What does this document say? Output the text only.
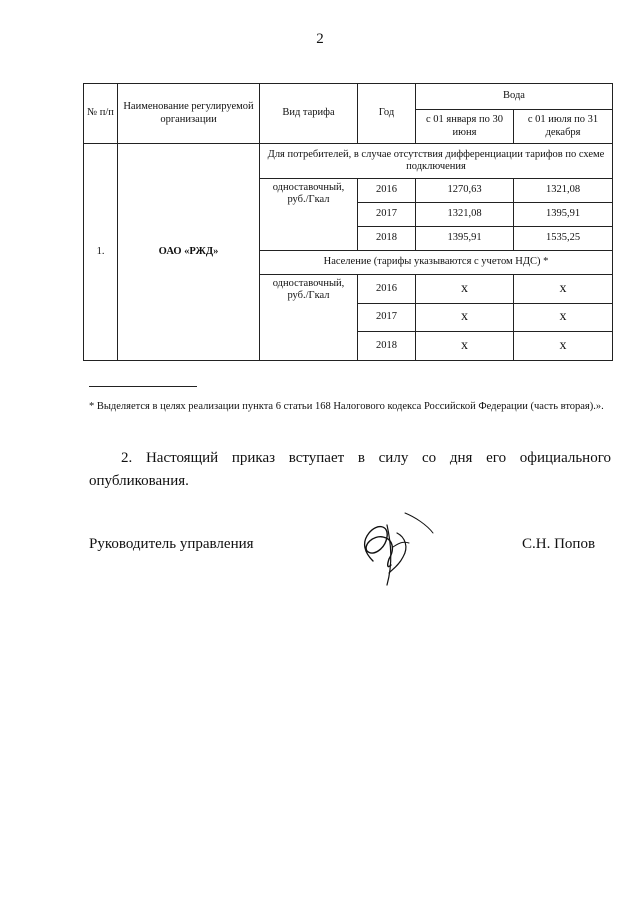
2
№ п/п	Наименование регулируемой организации	Вид тарифа	Год	Вода	
				с 01 января по 30 июня	с 01 июля по 31 декабря
1.	ОАО «РЖД»	Для потребителей, в случае отсутствия дифференциации тарифов по схеме подключения			
		одноставочный, руб./Гкал	2016	1270,63	1321,08
			2017	1321,08	1395,91
			2018	1395,91	1535,25
		Население (тарифы указываются с учетом НДС) *			
		одноставочный, руб./Гкал	2016	х	х
			2017	х	х
			2018	х	х
* Выделяется в целях реализации пункта 6 статьи 168 Налогового кодекса Российской Федерации (часть вторая).».
2. Настоящий приказ вступает в силу со дня его официального опубликования.
Руководитель управления	С.Н. Попов
